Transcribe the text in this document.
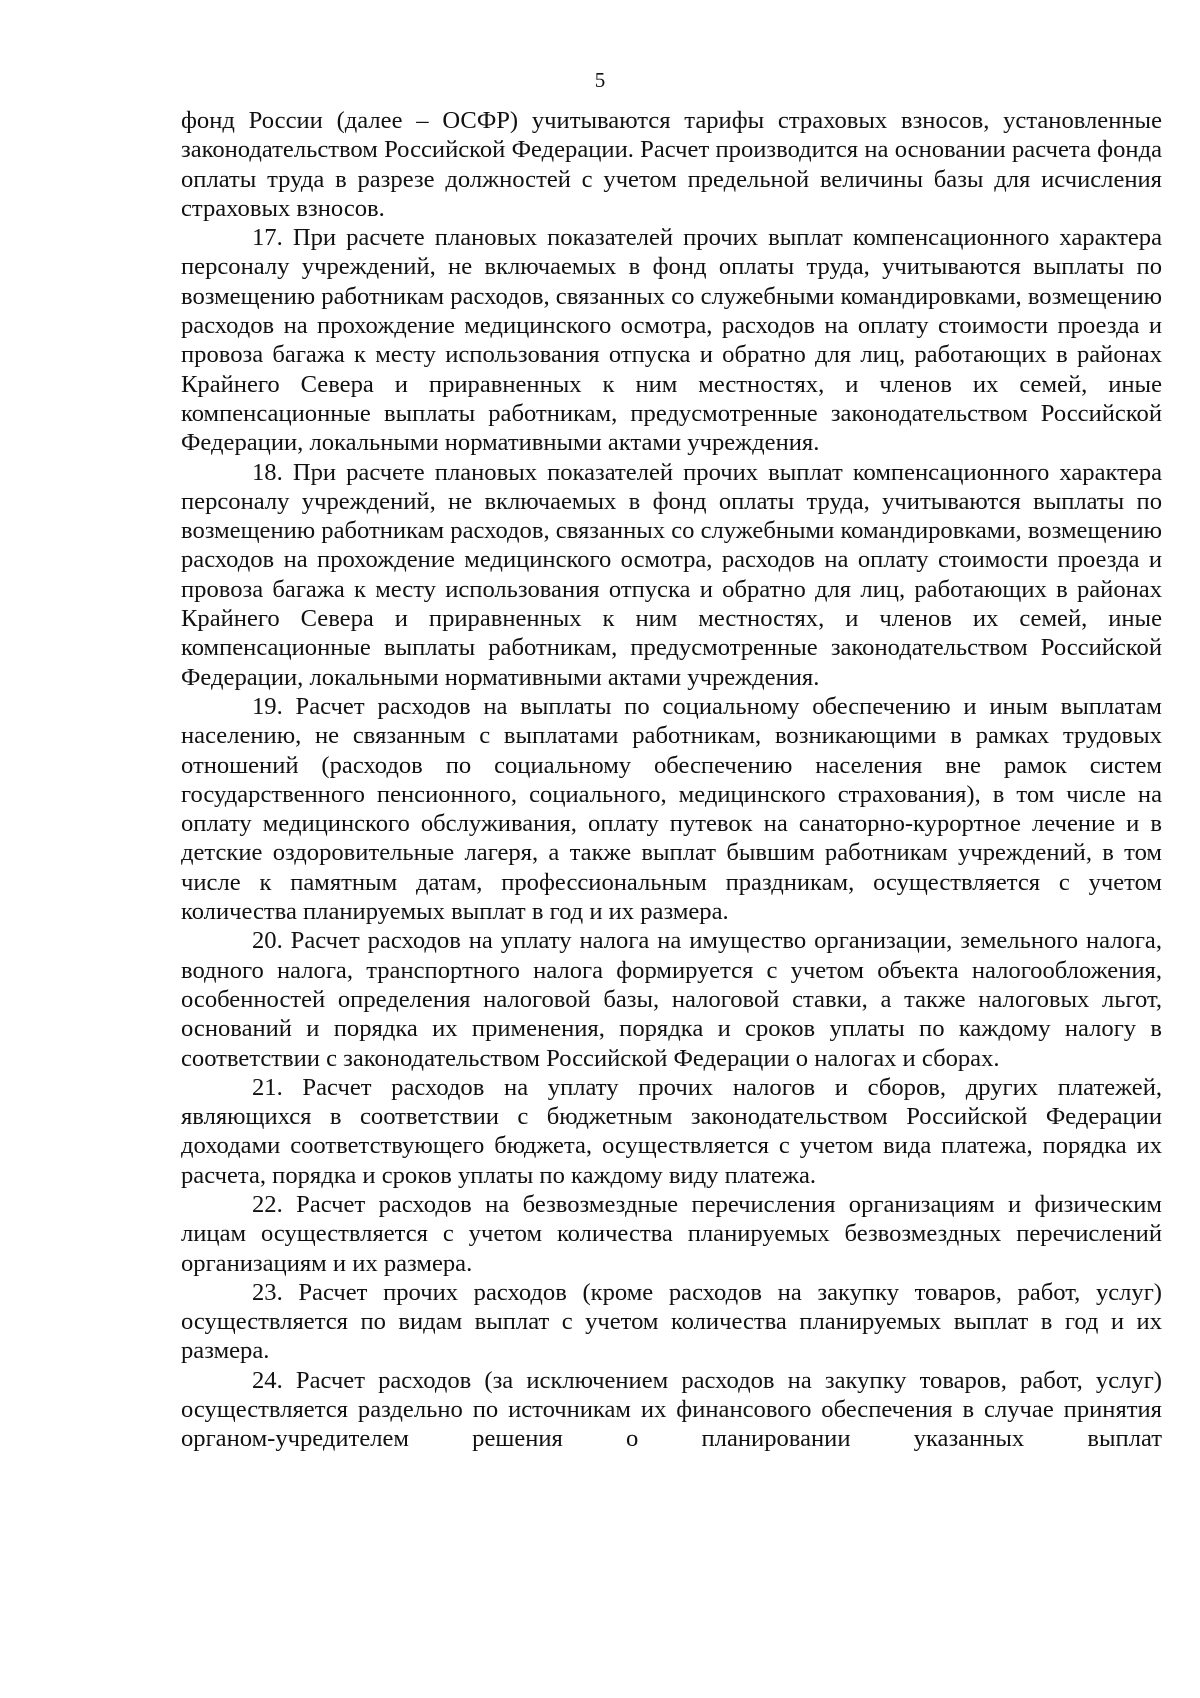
5

фонд России (далее – ОСФР) учитываются тарифы страховых взносов, установленные законодательством Российской Федерации. Расчет производится на основании расчета фонда оплаты труда в разрезе должностей с учетом предельной величины базы для исчисления страховых взносов.

17. При расчете плановых показателей прочих выплат компенсационного характера персоналу учреждений, не включаемых в фонд оплаты труда, учитываются выплаты по возмещению работникам расходов, связанных со служебными командировками, возмещению расходов на прохождение медицинского осмотра, расходов на оплату стоимости проезда и провоза багажа к месту использования отпуска и обратно для лиц, работающих в районах Крайнего Севера и приравненных к ним местностях, и членов их семей, иные компенсационные выплаты работникам, предусмотренные законодательством Российской Федерации, локальными нормативными актами учреждения.

18. При расчете плановых показателей прочих выплат компенсационного характера персоналу учреждений, не включаемых в фонд оплаты труда, учитываются выплаты по возмещению работникам расходов, связанных со служебными командировками, возмещению расходов на прохождение медицинского осмотра, расходов на оплату стоимости проезда и провоза багажа к месту использования отпуска и обратно для лиц, работающих в районах Крайнего Севера и приравненных к ним местностях, и членов их семей, иные компенсационные выплаты работникам, предусмотренные законодательством Российской Федерации, локальными нормативными актами учреждения.

19. Расчет расходов на выплаты по социальному обеспечению и иным выплатам населению, не связанным с выплатами работникам, возникающими в рамках трудовых отношений (расходов по социальному обеспечению населения вне рамок систем государственного пенсионного, социального, медицинского страхования), в том числе на оплату медицинского обслуживания, оплату путевок на санаторно-курортное лечение и в детские оздоровительные лагеря, а также выплат бывшим работникам учреждений, в том числе к памятным датам, профессиональным праздникам, осуществляется с учетом количества планируемых выплат в год и их размера.

20. Расчет расходов на уплату налога на имущество организации, земельного налога, водного налога, транспортного налога формируется с учетом объекта налогообложения, особенностей определения налоговой базы, налоговой ставки, а также налоговых льгот, оснований и порядка их применения, порядка и сроков уплаты по каждому налогу в соответствии с законодательством Российской Федерации о налогах и сборах.

21. Расчет расходов на уплату прочих налогов и сборов, других платежей, являющихся в соответствии с бюджетным законодательством Российской Федерации доходами соответствующего бюджета, осуществляется с учетом вида платежа, порядка их расчета, порядка и сроков уплаты по каждому виду платежа.

22. Расчет расходов на безвозмездные перечисления организациям и физическим лицам осуществляется с учетом количества планируемых безвозмездных перечислений организациям и их размера.

23. Расчет прочих расходов (кроме расходов на закупку товаров, работ, услуг) осуществляется по видам выплат с учетом количества планируемых выплат в год и их размера.

24. Расчет расходов (за исключением расходов на закупку товаров, работ, услуг) осуществляется раздельно по источникам их финансового обеспечения в случае принятия органом-учредителем решения о планировании указанных выплат
